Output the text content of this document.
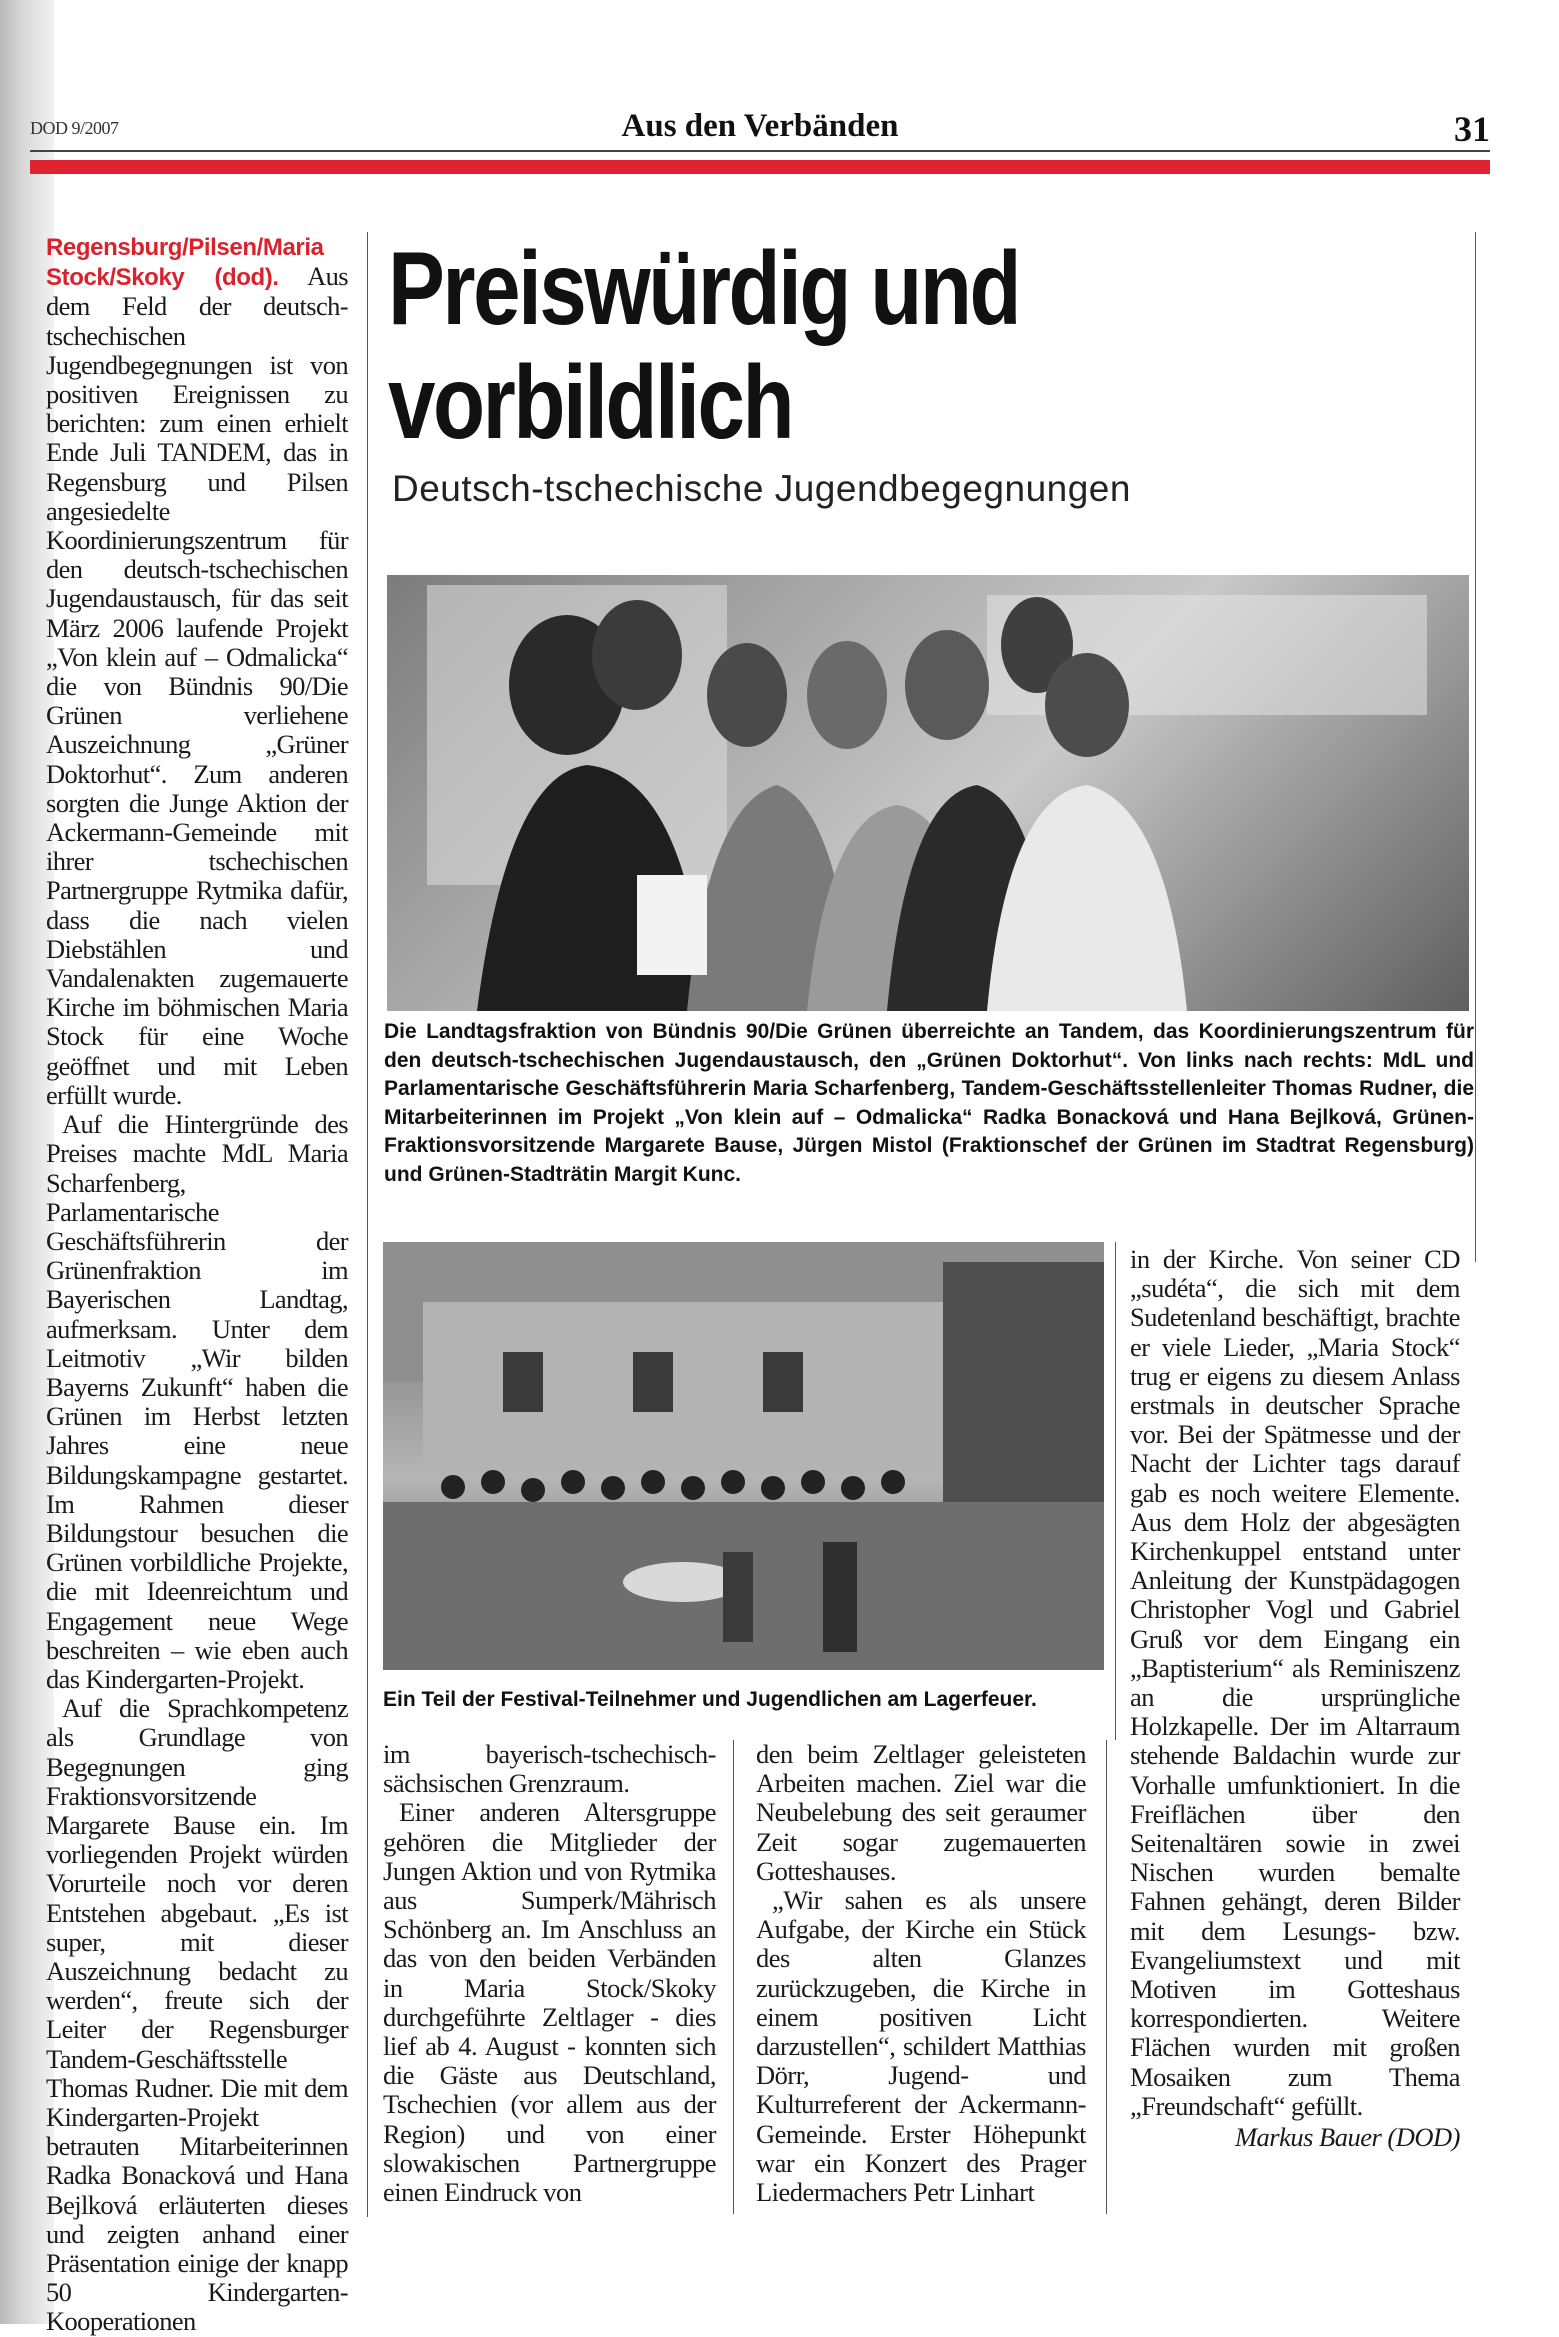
DOD 9/2007	Aus den Verbänden	31

Regensburg/Pilsen/Maria Stock/Skoky (dod). Aus dem Feld der deutsch-tschechischen Jugendbegegnungen ist von positiven Ereignissen zu berichten: zum einen erhielt Ende Juli TANDEM, das in Regensburg und Pilsen angesiedelte Koordinierungszentrum für den deutsch-tschechischen Jugendaustausch, für das seit März 2006 laufende Projekt „Von klein auf – Odmalicka“ die von Bündnis 90/Die Grünen verliehene Auszeichnung „Grüner Doktorhut“. Zum anderen sorgten die Junge Aktion der Ackermann-Gemeinde mit ihrer tschechischen Partnergruppe Rytmika dafür, dass die nach vielen Diebstählen und Vandalenakten zugemauerte Kirche im böhmischen Maria Stock für eine Woche geöffnet und mit Leben erfüllt wurde.

Auf die Hintergründe des Preises machte MdL Maria Scharfenberg, Parlamentarische Geschäftsführerin der Grünenfraktion im Bayerischen Landtag, aufmerksam. Unter dem Leitmotiv „Wir bilden Bayerns Zukunft“ haben die Grünen im Herbst letzten Jahres eine neue Bildungskampagne gestartet. Im Rahmen dieser Bildungstour besuchen die Grünen vorbildliche Projekte, die mit Ideenreichtum und Engagement neue Wege beschreiten – wie eben auch das Kindergarten-Projekt.

Auf die Sprachkompetenz als Grundlage von Begegnungen ging Fraktionsvorsitzende Margarete Bause ein. Im vorliegenden Projekt würden Vorurteile noch vor deren Entstehen abgebaut. „Es ist super, mit dieser Auszeichnung bedacht zu werden“, freute sich der Leiter der Regensburger Tandem-Geschäftsstelle Thomas Rudner. Die mit dem Kindergarten-Projekt betrauten Mitarbeiterinnen Radka Bonacková und Hana Bejlková erläuterten dieses und zeigten anhand einer Präsentation einige der knapp 50 Kindergarten-Kooperationen

Preiswürdig und
vorbildlich
Deutsch-tschechische Jugendbegegnungen

Die Landtagsfraktion von Bündnis 90/Die Grünen überreichte an Tandem, das Koordinierungszentrum für den deutsch-tschechischen Jugendaustausch, den „Grünen Doktorhut“. Von links nach rechts: MdL und Parlamentarische Geschäftsführerin Maria Scharfenberg, Tandem-Geschäftsstellenleiter Thomas Rudner, die Mitarbeiterinnen im Projekt „Von klein auf – Odmalicka“ Radka Bonacková und Hana Bejlková, Grünen-Fraktionsvorsitzende Margarete Bause, Jürgen Mistol (Fraktionschef der Grünen im Stadtrat Regensburg) und Grünen-Stadträtin Margit Kunc.

Ein Teil der Festival-Teilnehmer und Jugendlichen am Lagerfeuer.

im bayerisch-tschechisch-sächsischen Grenzraum.

Einer anderen Altersgruppe gehören die Mitglieder der Jungen Aktion und von Rytmika aus Sumperk/Mährisch Schönberg an. Im Anschluss an das von den beiden Verbänden in Maria Stock/Skoky durchgeführte Zeltlager - dies lief ab 4. August - konnten sich die Gäste aus Deutschland, Tschechien (vor allem aus der Region) und von einer slowakischen Partnergruppe einen Eindruck von

den beim Zeltlager geleisteten Arbeiten machen. Ziel war die Neubelebung des seit geraumer Zeit sogar zugemauerten Gotteshauses.

„Wir sahen es als unsere Aufgabe, der Kirche ein Stück des alten Glanzes zurückzugeben, die Kirche in einem positiven Licht darzustellen“, schildert Matthias Dörr, Jugend- und Kulturreferent der Ackermann-Gemeinde. Erster Höhepunkt war ein Konzert des Prager Liedermachers Petr Linhart

in der Kirche. Von seiner CD „sudéta“, die sich mit dem Sudetenland beschäftigt, brachte er viele Lieder, „Maria Stock“ trug er eigens zu diesem Anlass erstmals in deutscher Sprache vor. Bei der Spätmesse und der Nacht der Lichter tags darauf gab es noch weitere Elemente. Aus dem Holz der abgesägten Kirchenkuppel entstand unter Anleitung der Kunstpädagogen Christopher Vogl und Gabriel Gruß vor dem Eingang ein „Baptisterium“ als Reminiszenz an die ursprüngliche Holzkapelle. Der im Altarraum stehende Baldachin wurde zur Vorhalle umfunktioniert. In die Freiflächen über den Seitenaltären sowie in zwei Nischen wurden bemalte Fahnen gehängt, deren Bilder mit dem Lesungs- bzw. Evangeliumstext und mit Motiven im Gotteshaus korrespondierten. Weitere Flächen wurden mit großen Mosaiken zum Thema „Freundschaft“ gefüllt.

Markus Bauer (DOD)
